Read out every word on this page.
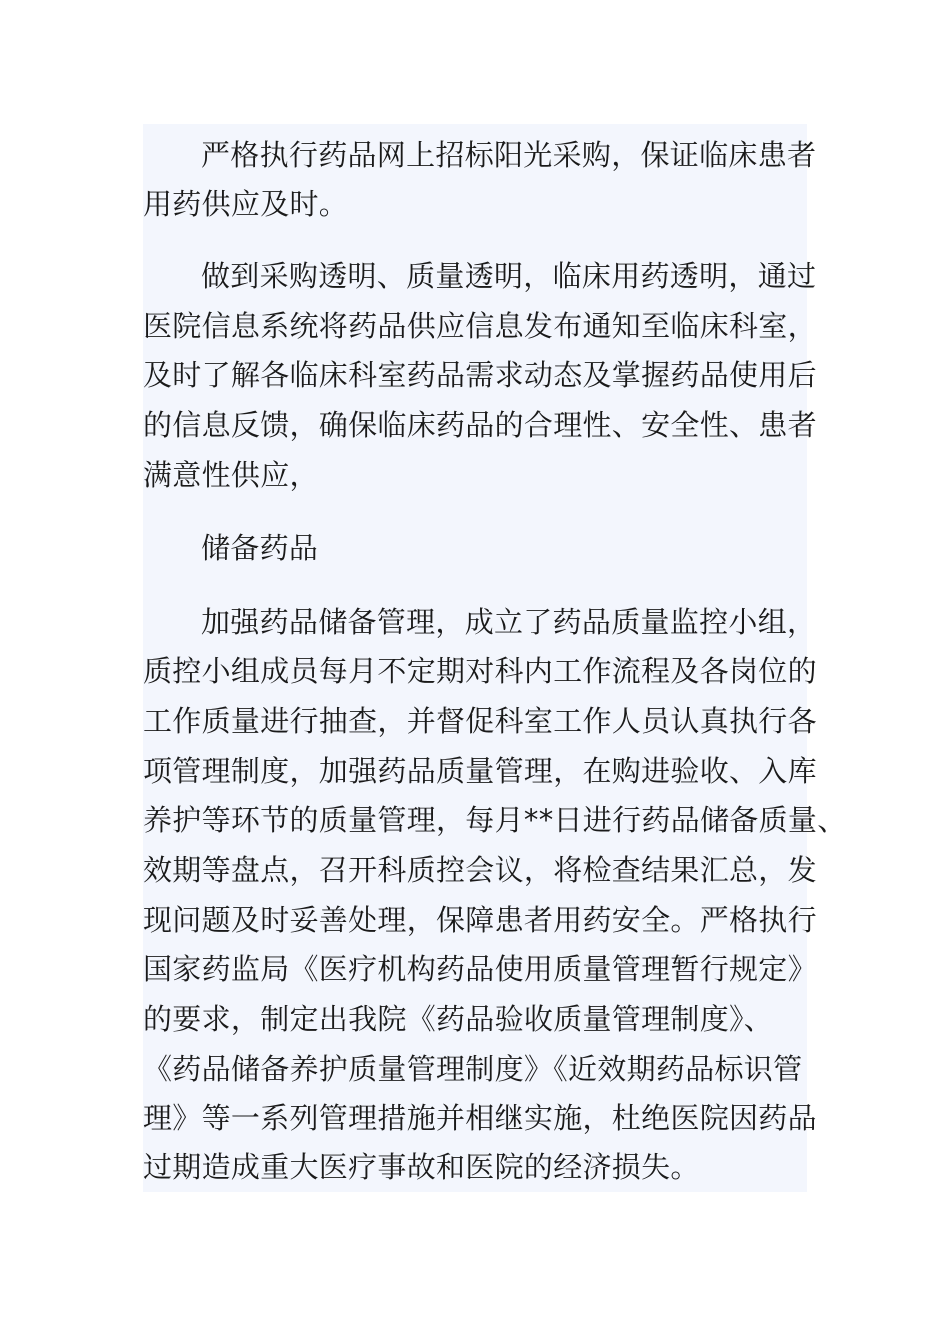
严格执行药品网上招标阳光采购，保证临床患者
用药供应及时。
做到采购透明、质量透明，临床用药透明，通过
医院信息系统将药品供应信息发布通知至临床科室，
及时了解各临床科室药品需求动态及掌握药品使用后
的信息反馈，确保临床药品的合理性、安全性、患者
满意性供应，
储备药品
加强药品储备管理，成立了药品质量监控小组，
质控小组成员每月不定期对科内工作流程及各岗位的
工作质量进行抽查，并督促科室工作人员认真执行各
项管理制度，加强药品质量管理，在购进验收、入库
养护等环节的质量管理，每月**日进行药品储备质量、
效期等盘点，召开科质控会议，将检查结果汇总，发
现问题及时妥善处理，保障患者用药安全。严格执行
国家药监局《医疗机构药品使用质量管理暂行规定》
的要求，制定出我院《药品验收质量管理制度》、
《药品储备养护质量管理制度》《近效期药品标识管
理》等一系列管理措施并相继实施，杜绝医院因药品
过期造成重大医疗事故和医院的经济损失。
